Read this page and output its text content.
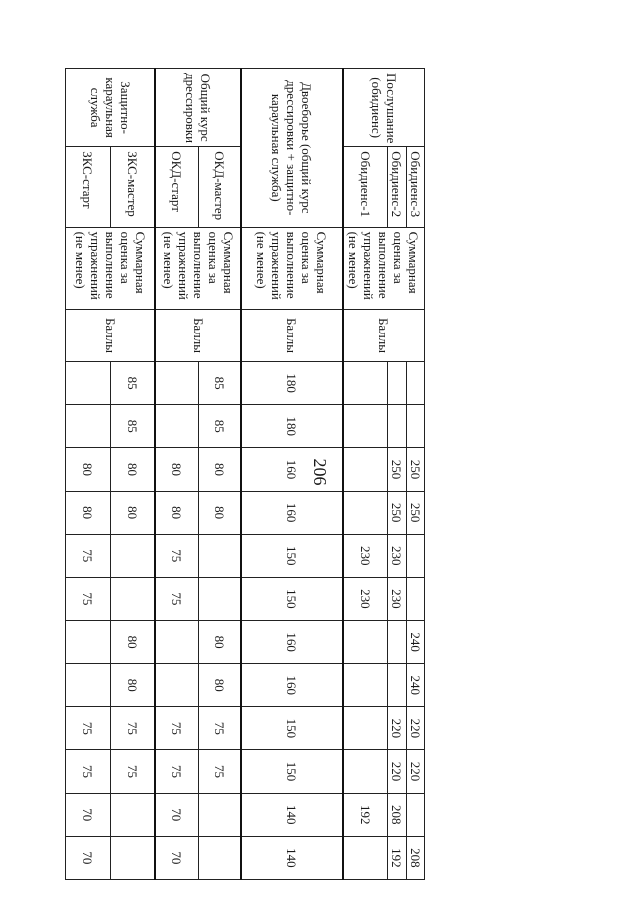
206
Послушание (обидиенс)	Обидиенс-3	Суммарная оценка за выполнение упражнений (не менее)	Баллы			250	250			240	240	220	220		208
	Обидиенс-2					250	250	230	230			220	220	208	192
	Обидиенс-1							230	230					192	
Двоеборье (общий курс дрессировки + защитно-караульная служба)		Суммарная оценка за выполнение упражнений (не менее)	Баллы	180	180	160	160	150	150	160	160	150	150	140	140
Общий курс дрессировки	ОКД-мастер	Суммарная оценка за выполнение упражнений (не менее)	Баллы	85	85	80	80			80	80	75	75		
	ОКД-старт					80	80	75	75			75	75	70	70
Защитно-караульная служба	ЗКС-мастер	Суммарная оценка за выполнение упражнений (не менее)	Баллы	85	85	80	80			80	80	75	75		
	ЗКС-старт					80	80	75	75			75	75	70	70
